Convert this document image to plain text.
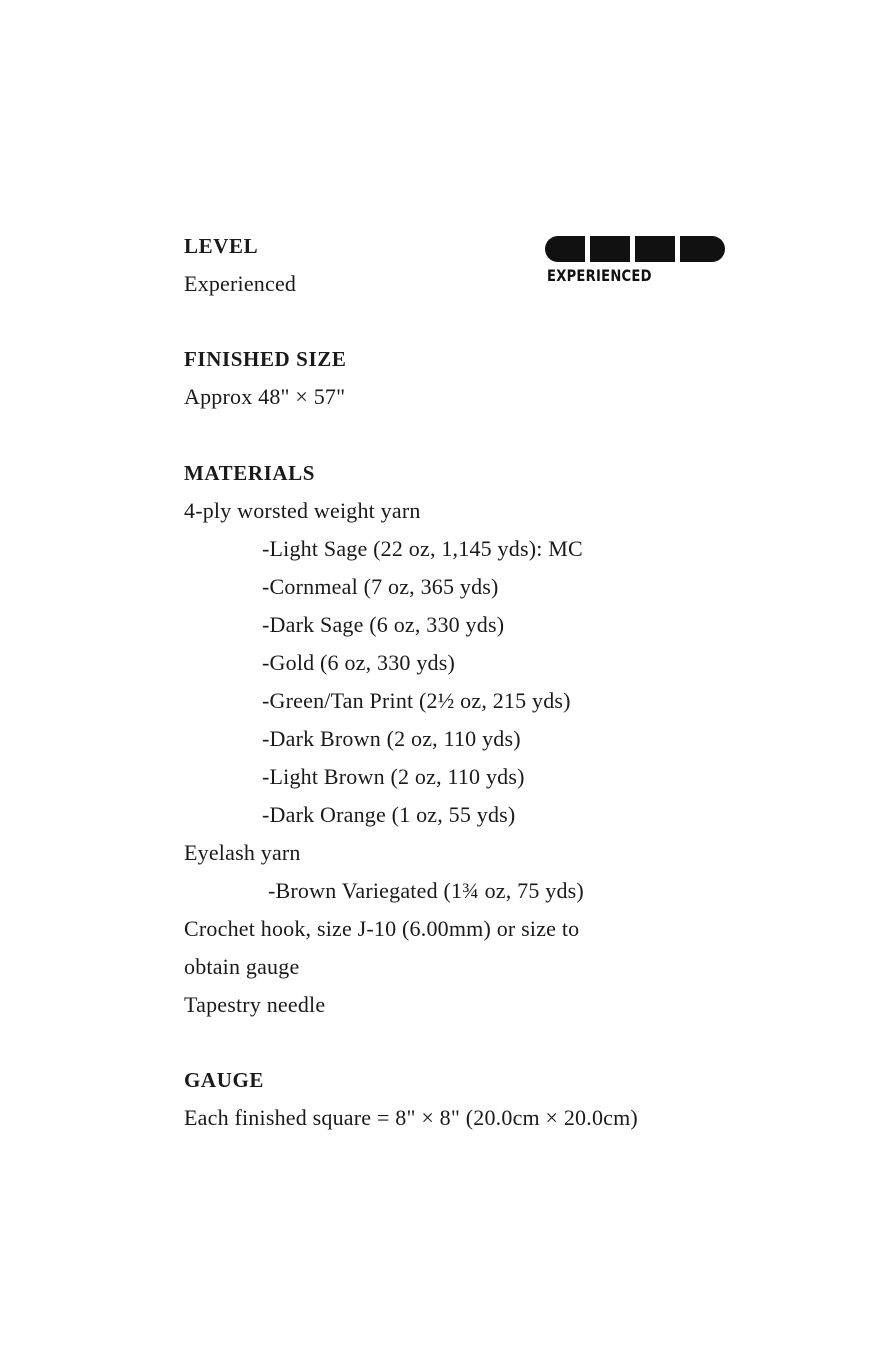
LEVEL
Experienced	EXPERIENCED
FINISHED SIZE
Approx 48" × 57"
MATERIALS
4-ply worsted weight yarn
-Light Sage (22 oz, 1,145 yds): MC
-Cornmeal (7 oz, 365 yds)
-Dark Sage (6 oz, 330 yds)
-Gold (6 oz, 330 yds)
-Green/Tan Print (2½ oz, 215 yds)
-Dark Brown (2 oz, 110 yds)
-Light Brown (2 oz, 110 yds)
-Dark Orange (1 oz, 55 yds)
Eyelash yarn
-Brown Variegated (1¾ oz, 75 yds)
Crochet hook, size J-10 (6.00mm) or size to
obtain gauge
Tapestry needle
GAUGE
Each finished square = 8" × 8" (20.0cm × 20.0cm)
